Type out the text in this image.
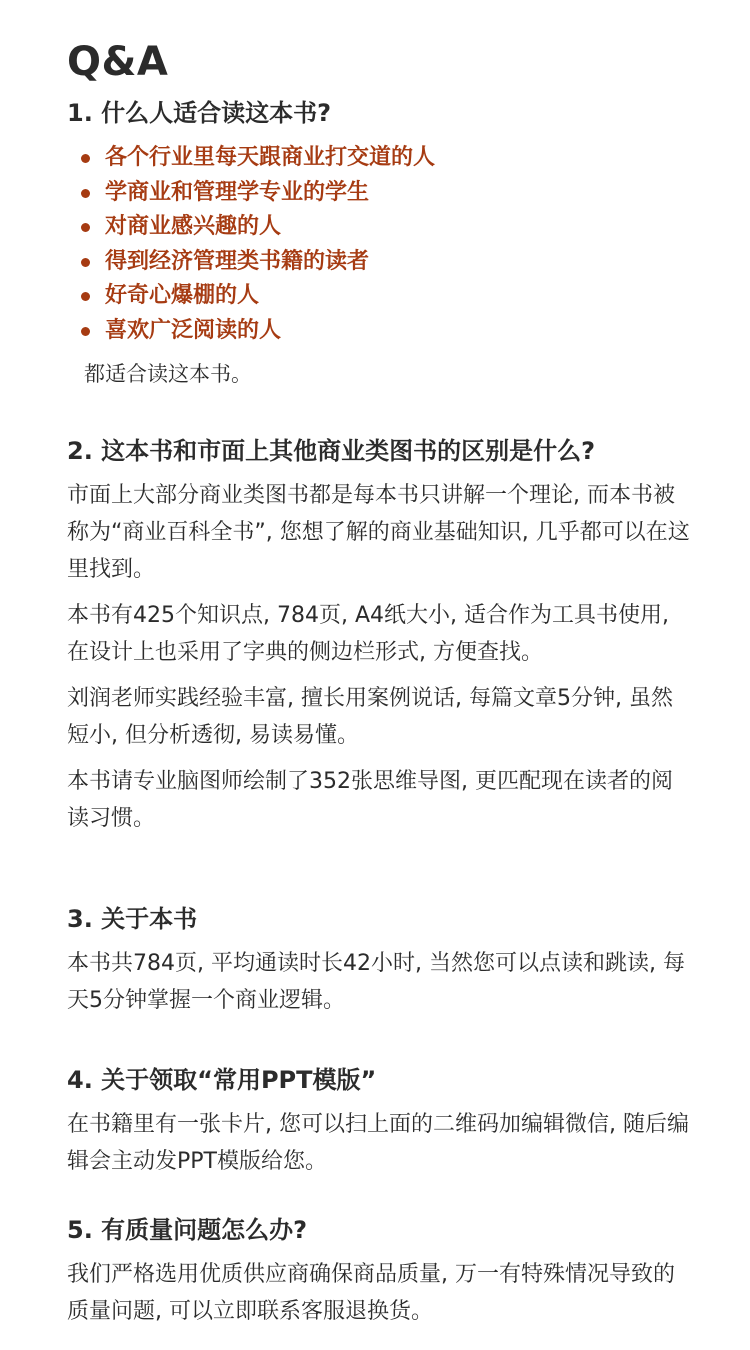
Q&A
1. 什么人适合读这本书?
各个行业里每天跟商业打交道的人
学商业和管理学专业的学生
对商业感兴趣的人
得到经济管理类书籍的读者
好奇心爆棚的人
喜欢广泛阅读的人

都适合读这本书。

2. 这本书和市面上其他商业类图书的区别是什么?

市面上大部分商业类图书都是每本书只讲解一个理论, 而本书被称为“商业百科全书”, 您想了解的商业基础知识, 几乎都可以在这里找到。

本书有425个知识点, 784页, A4纸大小, 适合作为工具书使用, 在设计上也采用了字典的侧边栏形式, 方便查找。

刘润老师实践经验丰富, 擅长用案例说话, 每篇文章5分钟, 虽然短小, 但分析透彻, 易读易懂。

本书请专业脑图师绘制了352张思维导图, 更匹配现在读者的阅读习惯。

3. 关于本书

本书共784页, 平均通读时长42小时, 当然您可以点读和跳读, 每天5分钟掌握一个商业逻辑。

4. 关于领取“常用PPT模版”

在书籍里有一张卡片, 您可以扫上面的二维码加编辑微信, 随后编辑会主动发PPT模版给您。

5. 有质量问题怎么办?

我们严格选用优质供应商确保商品质量, 万一有特殊情况导致的质量问题, 可以立即联系客服退换货。
